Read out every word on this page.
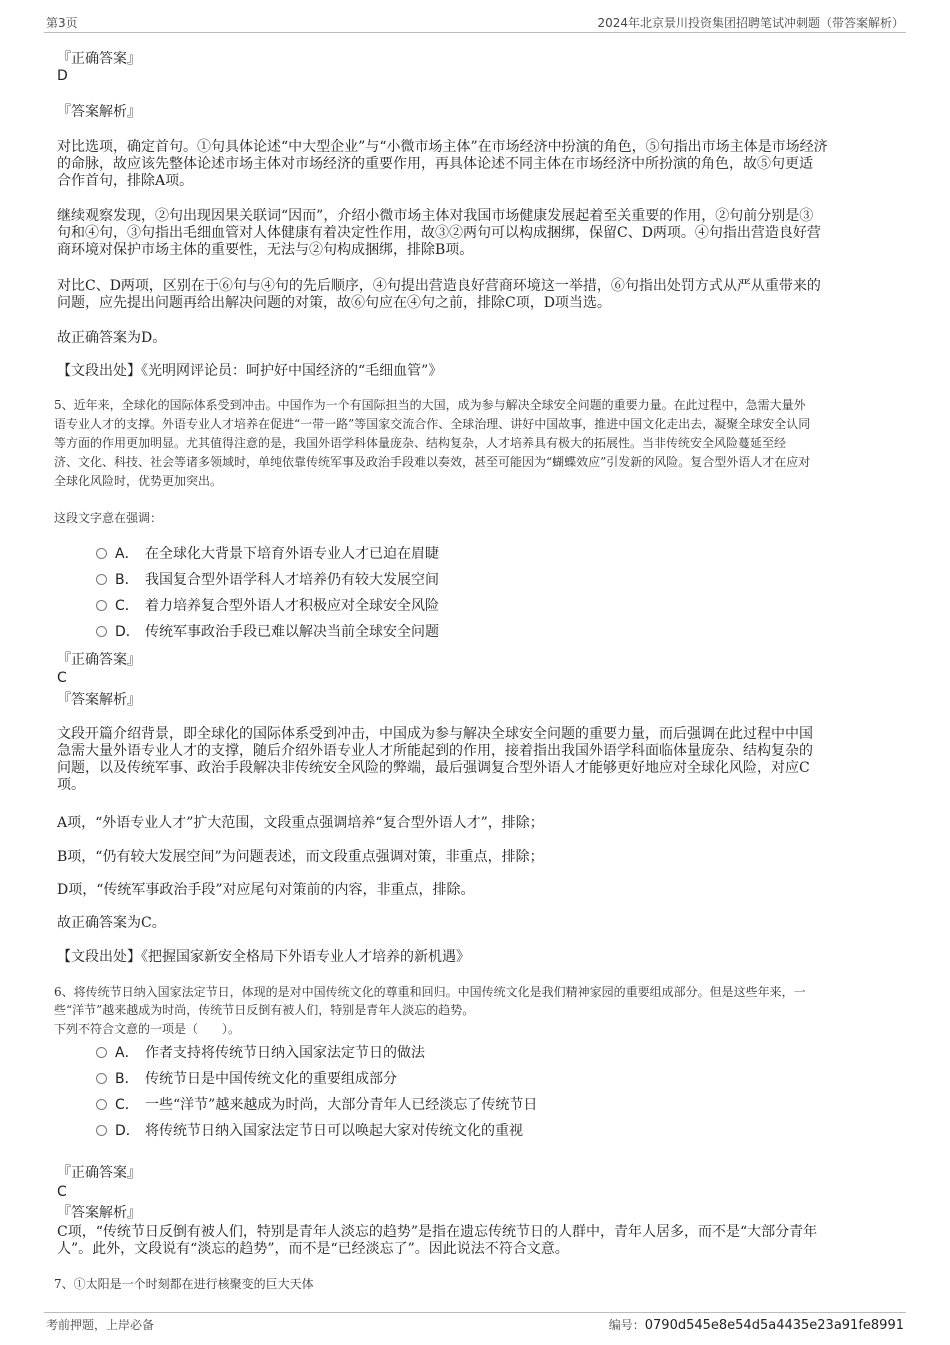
第3页	2024年北京景川投资集团招聘笔试冲刺题（带答案解析）
『正确答案』
D
『答案解析』
对比选项，确定首句。①句具体论述“中大型企业”与“小微市场主体”在市场经济中扮演的角色，⑤句指出市场主体是市场经济
的命脉，故应该先整体论述市场主体对市场经济的重要作用，再具体论述不同主体在市场经济中所扮演的角色，故⑤句更适
合作首句，排除A项。
继续观察发现，②句出现因果关联词“因而”，介绍小微市场主体对我国市场健康发展起着至关重要的作用，②句前分别是③
句和④句，③句指出毛细血管对人体健康有着决定性作用，故③②两句可以构成捆绑，保留C、D两项。④句指出营造良好营
商环境对保护市场主体的重要性，无法与②句构成捆绑，排除B项。
对比C、D两项，区别在于⑥句与④句的先后顺序，④句提出营造良好营商环境这一举措，⑥句指出处罚方式从严从重带来的
问题，应先提出问题再给出解决问题的对策，故⑥句应在④句之前，排除C项，D项当选。
故正确答案为D。
【文段出处】《光明网评论员：呵护好中国经济的“毛细血管”》
5、近年来，全球化的国际体系受到冲击。中国作为一个有国际担当的大国，成为参与解决全球安全问题的重要力量。在此过程中，急需大量外
语专业人才的支撑。外语专业人才培养在促进“一带一路”等国家交流合作、全球治理、讲好中国故事，推进中国文化走出去，凝聚全球安全认同
等方面的作用更加明显。尤其值得注意的是，我国外语学科体量庞杂、结构复杂，人才培养具有极大的拓展性。当非传统安全风险蔓延至经
济、文化、科技、社会等诸多领域时，单纯依靠传统军事及政治手段难以奏效，甚至可能因为“蝴蝶效应”引发新的风险。复合型外语人才在应对
全球化风险时，优势更加突出。
这段文字意在强调：
A． 在全球化大背景下培育外语专业人才已迫在眉睫
B． 我国复合型外语学科人才培养仍有较大发展空间
C． 着力培养复合型外语人才积极应对全球安全风险
D． 传统军事政治手段已难以解决当前全球安全问题
『正确答案』
C
『答案解析』
文段开篇介绍背景，即全球化的国际体系受到冲击，中国成为参与解决全球安全问题的重要力量，而后强调在此过程中中国
急需大量外语专业人才的支撑，随后介绍外语专业人才所能起到的作用，接着指出我国外语学科面临体量庞杂、结构复杂的
问题，以及传统军事、政治手段解决非传统安全风险的弊端，最后强调复合型外语人才能够更好地应对全球化风险，对应C
项。
A项，“外语专业人才”扩大范围，文段重点强调培养“复合型外语人才”，排除；
B项，“仍有较大发展空间”为问题表述，而文段重点强调对策，非重点，排除；
D项，“传统军事政治手段”对应尾句对策前的内容，非重点，排除。
故正确答案为C。
【文段出处】《把握国家新安全格局下外语专业人才培养的新机遇》
6、将传统节日纳入国家法定节日，体现的是对中国传统文化的尊重和回归。中国传统文化是我们精神家园的重要组成部分。但是这些年来，一
些“洋节”越来越成为时尚，传统节日反倒有被人们，特别是青年人淡忘的趋势。
下列不符合文意的一项是（　　）。
A． 作者支持将传统节日纳入国家法定节日的做法
B． 传统节日是中国传统文化的重要组成部分
C． 一些“洋节”越来越成为时尚，大部分青年人已经淡忘了传统节日
D． 将传统节日纳入国家法定节日可以唤起大家对传统文化的重视
『正确答案』
C
『答案解析』
C项，“传统节日反倒有被人们，特别是青年人淡忘的趋势”是指在遗忘传统节日的人群中，青年人居多，而不是“大部分青年
人”。此外，文段说有“淡忘的趋势”，而不是“已经淡忘了”。因此说法不符合文意。
7、①太阳是一个时刻都在进行核聚变的巨大天体
考前押题，上岸必备	编号：0790d545e8e54d5a4435e23a91fe8991
